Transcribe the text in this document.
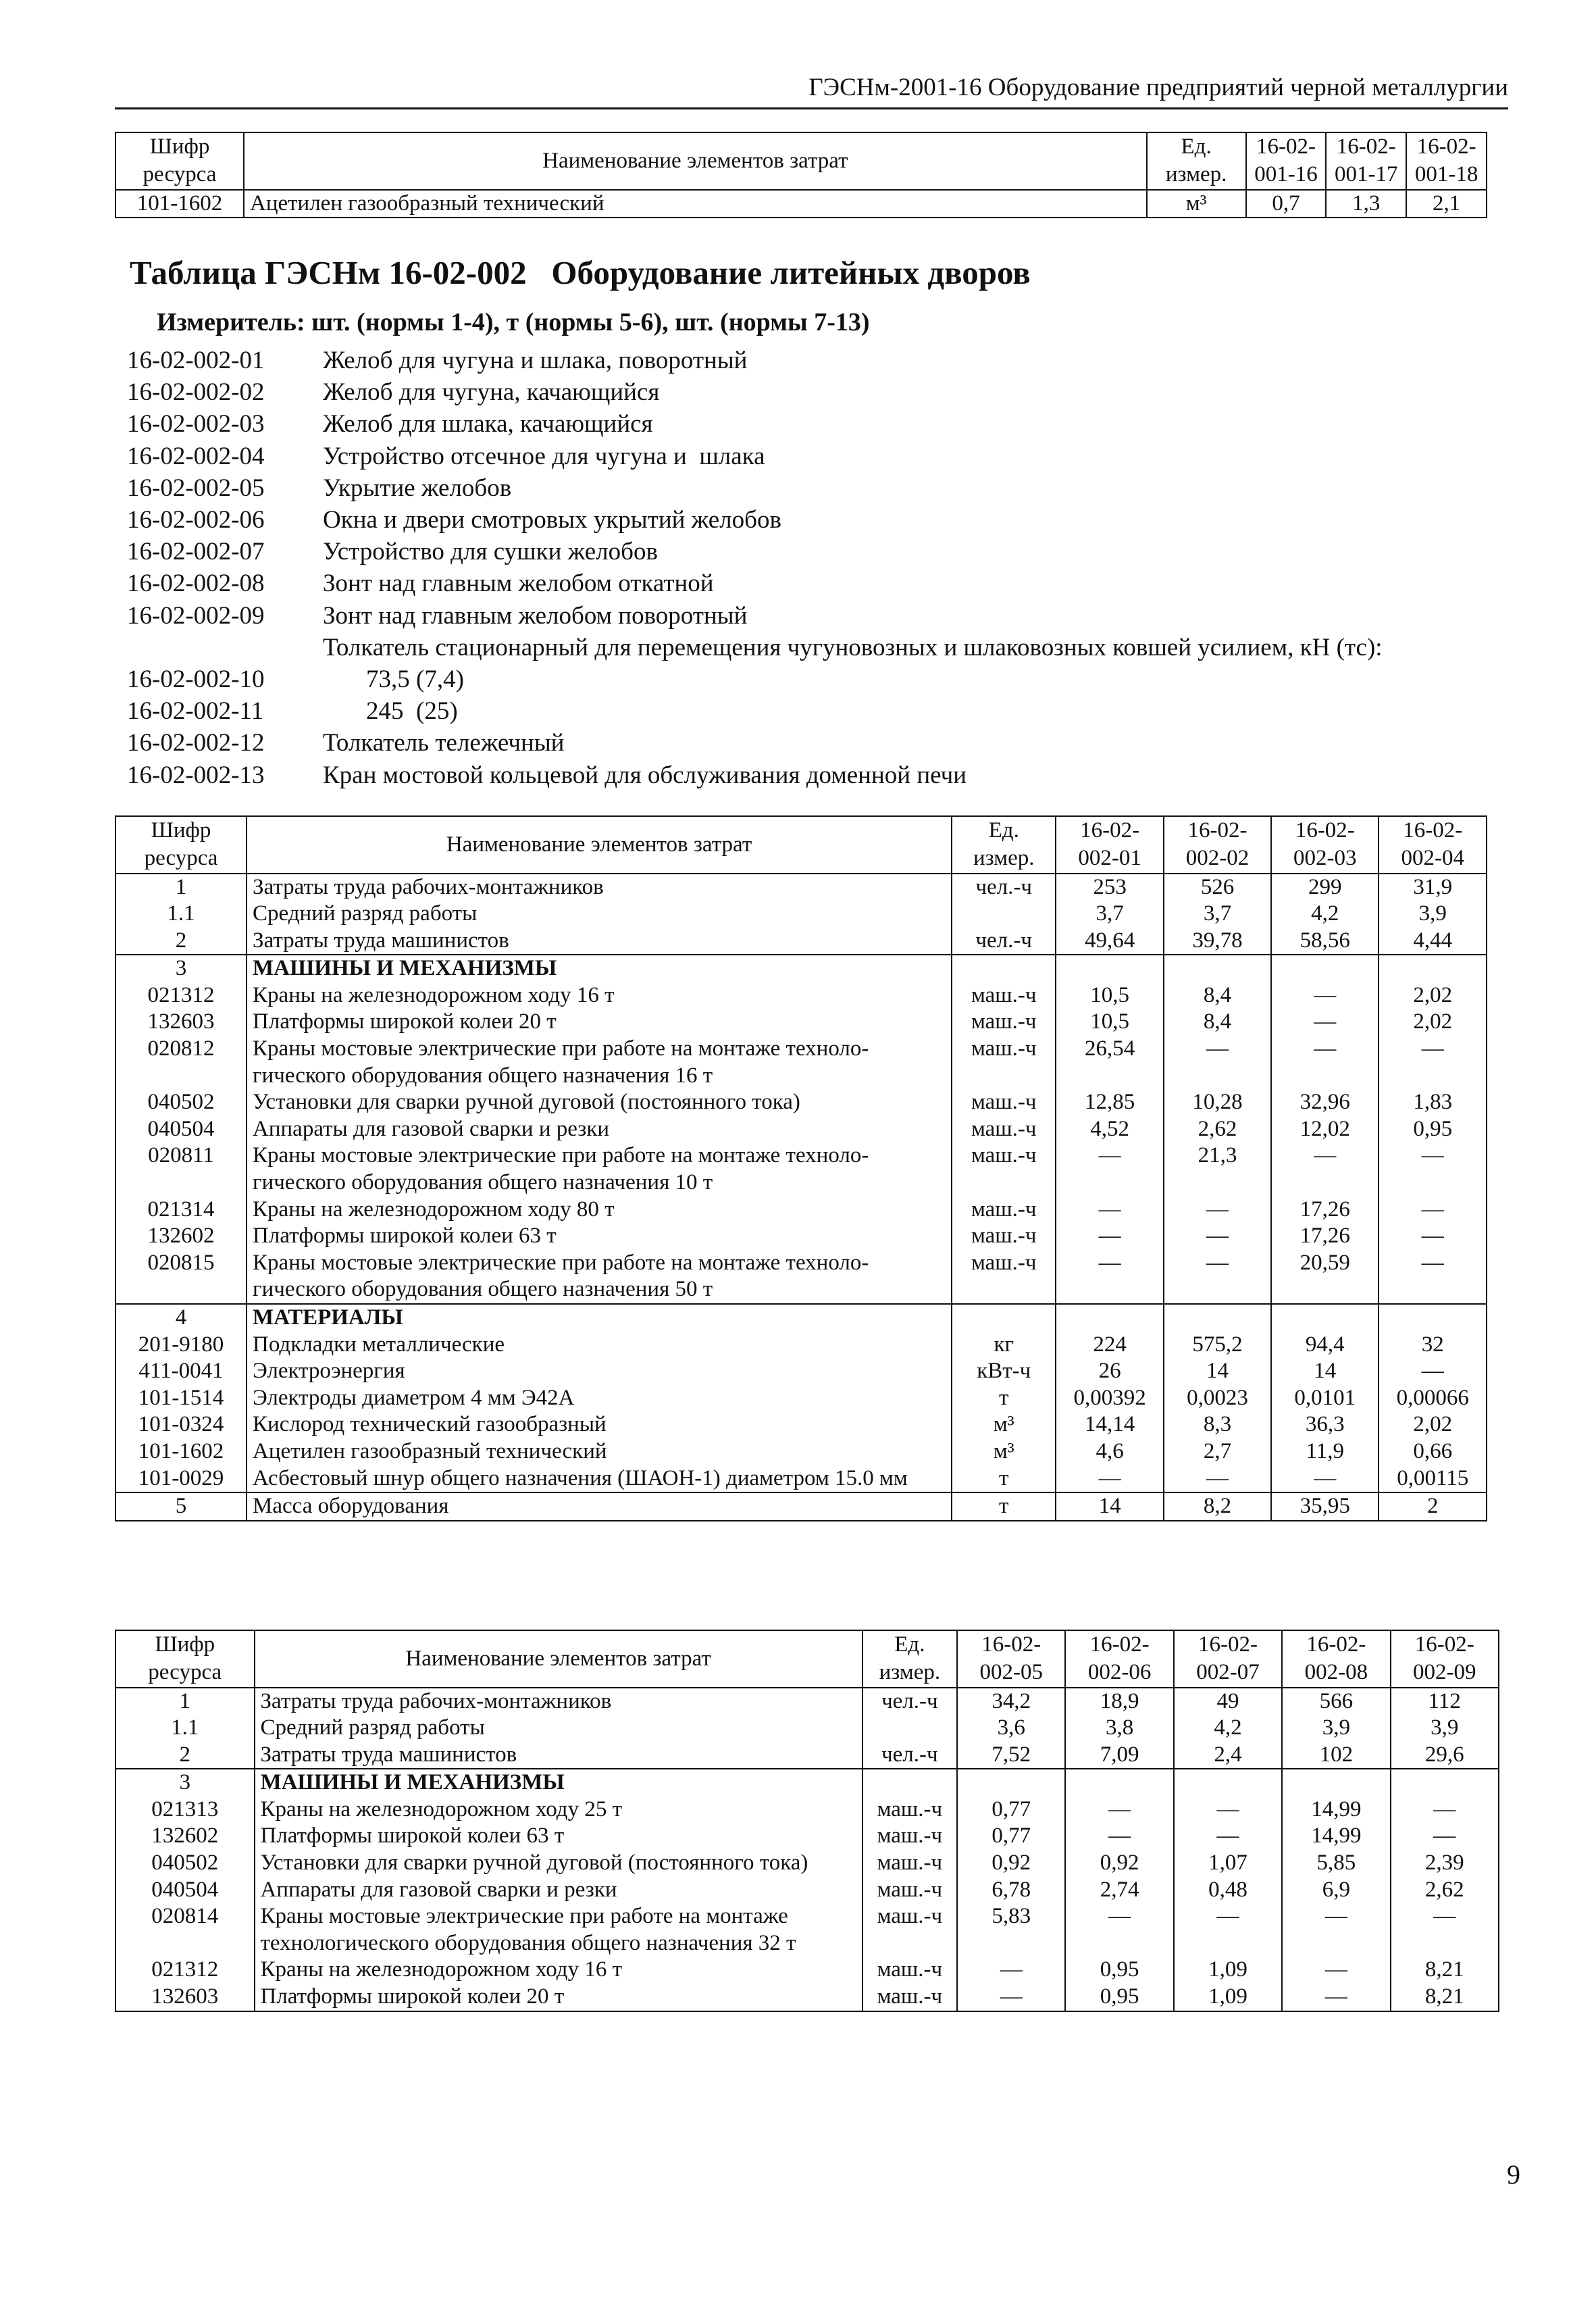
ГЭСНм-2001-16 Оборудование предприятий черной металлургии
Шифр ресурса	Наименование элементов затрат	Ед. измер.	16-02-001-16	16-02-001-17	16-02-001-18
101-1602	Ацетилен газообразный технический	м³	0,7	1,3	2,1
Таблица ГЭСНм 16-02-002   Оборудование литейных дворов
Измеритель: шт. (нормы 1-4), т (нормы 5-6), шт. (нормы 7-13)
16-02-002-01	Желоб для чугуна и шлака, поворотный
16-02-002-02	Желоб для чугуна, качающийся
16-02-002-03	Желоб для шлака, качающийся
16-02-002-04	Устройство отсечное для чугуна и  шлака
16-02-002-05	Укрытие желобов
16-02-002-06	Окна и двери смотровых укрытий желобов
16-02-002-07	Устройство для сушки желобов
16-02-002-08	Зонт над главным желобом откатной
16-02-002-09	Зонт над главным желобом поворотный
Толкатель стационарный для перемещения чугуновозных и шлаковозных ковшей усилием, кН (тс):
16-02-002-10	73,5 (7,4)
16-02-002-11	245  (25)
16-02-002-12	Толкатель тележечный
16-02-002-13	Кран мостовой кольцевой для обслуживания доменной печи
Шифр ресурса	Наименование элементов затрат	Ед. измер.	16-02-002-01	16-02-002-02	16-02-002-03	16-02-002-04
1	Затраты труда рабочих-монтажников	чел.-ч	253	526	299	31,9
1.1	Средний разряд работы		3,7	3,7	4,2	3,9
2	Затраты труда машинистов	чел.-ч	49,64	39,78	58,56	4,44
3	МАШИНЫ И МЕХАНИЗМЫ					
021312	Краны на железнодорожном ходу 16 т	маш.-ч	10,5	8,4	—	2,02
132603	Платформы широкой колеи 20 т	маш.-ч	10,5	8,4	—	2,02
020812	Краны мостовые электрические при работе на монтаже техноло-гического оборудования общего назначения 16 т	маш.-ч	26,54	—	—	—
040502	Установки для сварки ручной дуговой (постоянного тока)	маш.-ч	12,85	10,28	32,96	1,83
040504	Аппараты для газовой сварки и резки	маш.-ч	4,52	2,62	12,02	0,95
020811	Краны мостовые электрические при работе на монтаже техноло-гического оборудования общего назначения 10 т	маш.-ч	—	21,3	—	—
021314	Краны на железнодорожном ходу 80 т	маш.-ч	—	—	17,26	—
132602	Платформы широкой колеи 63 т	маш.-ч	—	—	17,26	—
020815	Краны мостовые электрические при работе на монтаже техноло-гического оборудования общего назначения 50 т	маш.-ч	—	—	20,59	—
4	МАТЕРИАЛЫ					
201-9180	Подкладки металлические	кг	224	575,2	94,4	32
411-0041	Электроэнергия	кВт-ч	26	14	14	—
101-1514	Электроды диаметром 4 мм Э42А	т	0,00392	0,0023	0,0101	0,00066
101-0324	Кислород технический газообразный	м³	14,14	8,3	36,3	2,02
101-1602	Ацетилен газообразный технический	м³	4,6	2,7	11,9	0,66
101-0029	Асбестовый шнур общего назначения (ШАОН-1) диаметром 15.0 мм	т	—	—	—	0,00115
5	Масса оборудования	т	14	8,2	35,95	2
Шифр ресурса	Наименование элементов затрат	Ед. измер.	16-02-002-05	16-02-002-06	16-02-002-07	16-02-002-08	16-02-002-09
1	Затраты труда рабочих-монтажников	чел.-ч	34,2	18,9	49	566	112
1.1	Средний разряд работы		3,6	3,8	4,2	3,9	3,9
2	Затраты труда машинистов	чел.-ч	7,52	7,09	2,4	102	29,6
3	МАШИНЫ И МЕХАНИЗМЫ						
021313	Краны на железнодорожном ходу 25 т	маш.-ч	0,77	—	—	14,99	—
132602	Платформы широкой колеи 63 т	маш.-ч	0,77	—	—	14,99	—
040502	Установки для сварки ручной дуговой (постоянного тока)	маш.-ч	0,92	0,92	1,07	5,85	2,39
040504	Аппараты для газовой сварки и резки	маш.-ч	6,78	2,74	0,48	6,9	2,62
020814	Краны мостовые электрические при работе на монтаже технологического оборудования общего назначения 32 т	маш.-ч	5,83	—	—	—	—
021312	Краны на железнодорожном ходу 16 т	маш.-ч	—	0,95	1,09	—	8,21
132603	Платформы широкой колеи 20 т	маш.-ч	—	0,95	1,09	—	8,21
9
